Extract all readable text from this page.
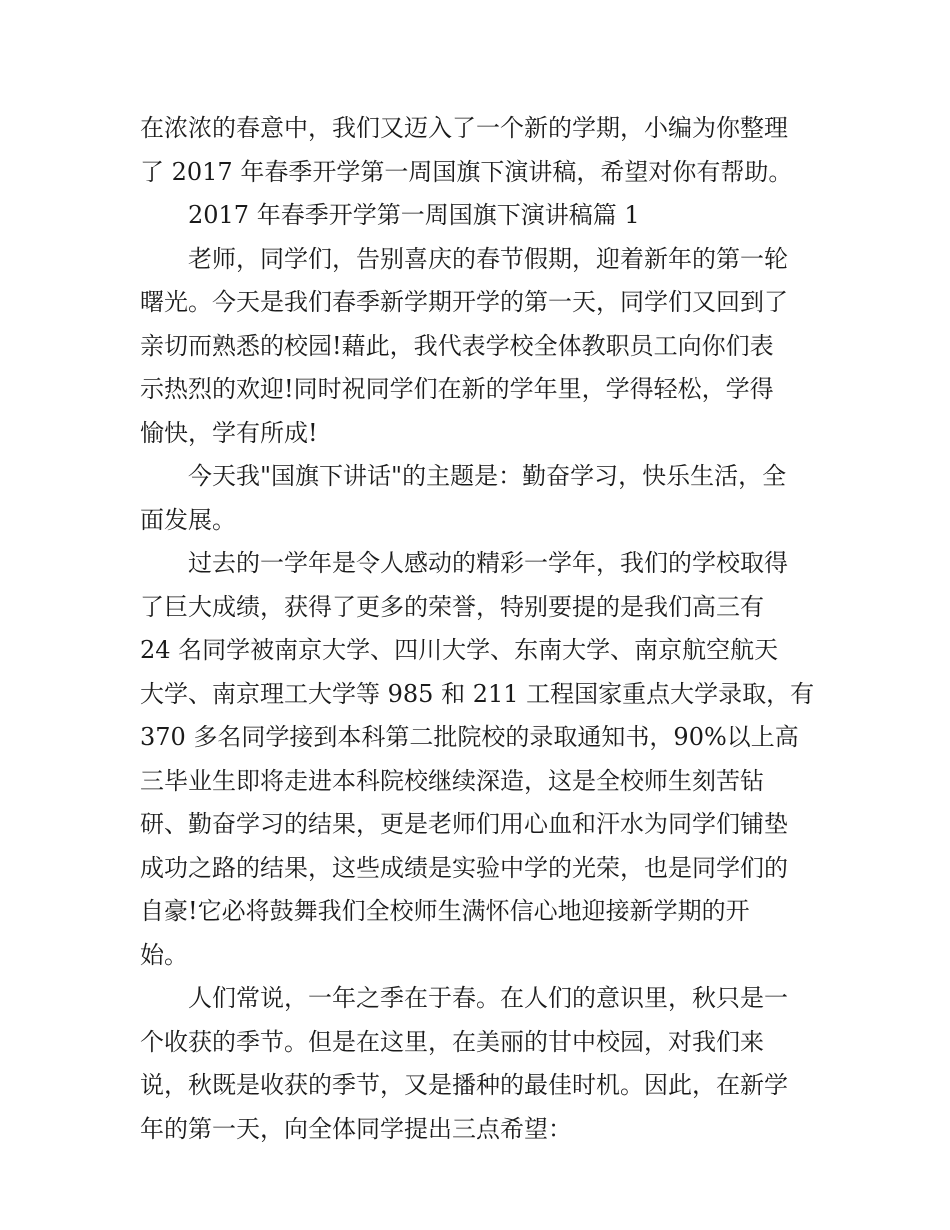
在浓浓的春意中，我们又迈入了一个新的学期，小编为你整理
了 2017 年春季开学第一周国旗下演讲稿，希望对你有帮助。
2017 年春季开学第一周国旗下演讲稿篇 1
老师，同学们，告别喜庆的春节假期，迎着新年的第一轮
曙光。今天是我们春季新学期开学的第一天，同学们又回到了
亲切而熟悉的校园!藉此，我代表学校全体教职员工向你们表
示热烈的欢迎!同时祝同学们在新的学年里，学得轻松，学得
愉快，学有所成!
今天我"国旗下讲话"的主题是：勤奋学习，快乐生活，全
面发展。
过去的一学年是令人感动的精彩一学年，我们的学校取得
了巨大成绩，获得了更多的荣誉，特别要提的是我们高三有
24 名同学被南京大学、四川大学、东南大学、南京航空航天
大学、南京理工大学等 985 和 211 工程国家重点大学录取，有
370 多名同学接到本科第二批院校的录取通知书，90%以上高
三毕业生即将走进本科院校继续深造，这是全校师生刻苦钻
研、勤奋学习的结果，更是老师们用心血和汗水为同学们铺垫
成功之路的结果，这些成绩是实验中学的光荣，也是同学们的
自豪!它必将鼓舞我们全校师生满怀信心地迎接新学期的开
始。
人们常说，一年之季在于春。在人们的意识里，秋只是一
个收获的季节。但是在这里，在美丽的甘中校园，对我们来
说，秋既是收获的季节，又是播种的最佳时机。因此，在新学
年的第一天，向全体同学提出三点希望：
